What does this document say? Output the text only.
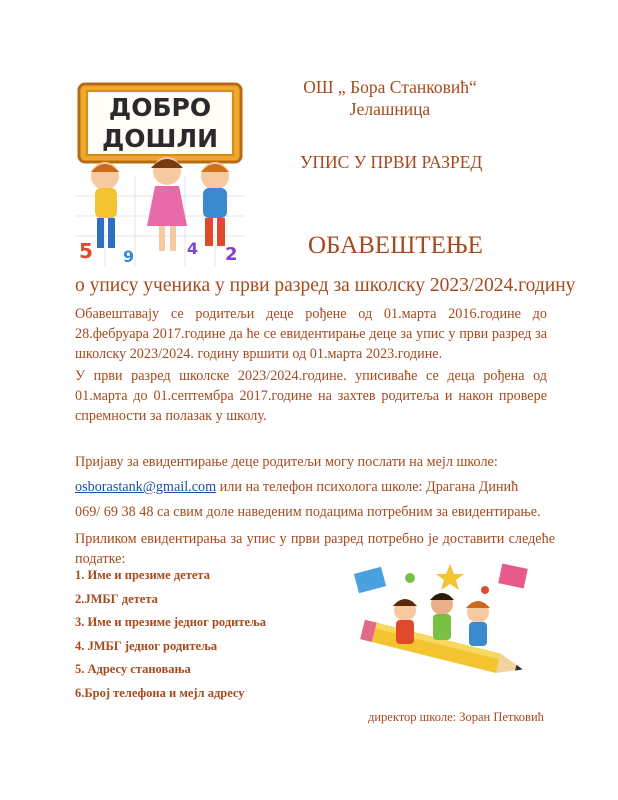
5 9	4 2
ДОБРО
ДОШЛИ
ОШ „ Бора Станковић“
Јелашница
УПИС У ПРВИ РАЗРЕД
ОБАВЕШТЕЊЕ
о упису ученика у први разред за школску 2023/2024.годину
Обавештавају се родитељи деце рођене од 01.марта 2016.године до 28.фебруара 2017.године да ће се евидентирање деце за упис у први разред за школску 2023/2024. годину вршити од 01.марта 2023.године.
У први разред школске 2023/2024.године. уписиваће се деца рођена од 01.марта до 01.септембра 2017.године на захтев родитеља и након провере спремности за полазак у школу.
Пријаву за евидентирање деце родитељи могу послати на мејл школе:
osborastank@gmail.com или на телефон психолога школе: Драгана Динић
069/ 69 38 48 са свим доле наведеним подацима потребним за евидентирање.
Приликом евидентирања за упис у први разред потребно је доставити следеће податке:
1. Име и презиме детета
2.ЈМБГ детета
3. Име и презиме једног родитеља
4. ЈМБГ једног родитеља
5. Адресу становања
6.Број телефона и мејл адресу
директор школе: Зоран Петковић
